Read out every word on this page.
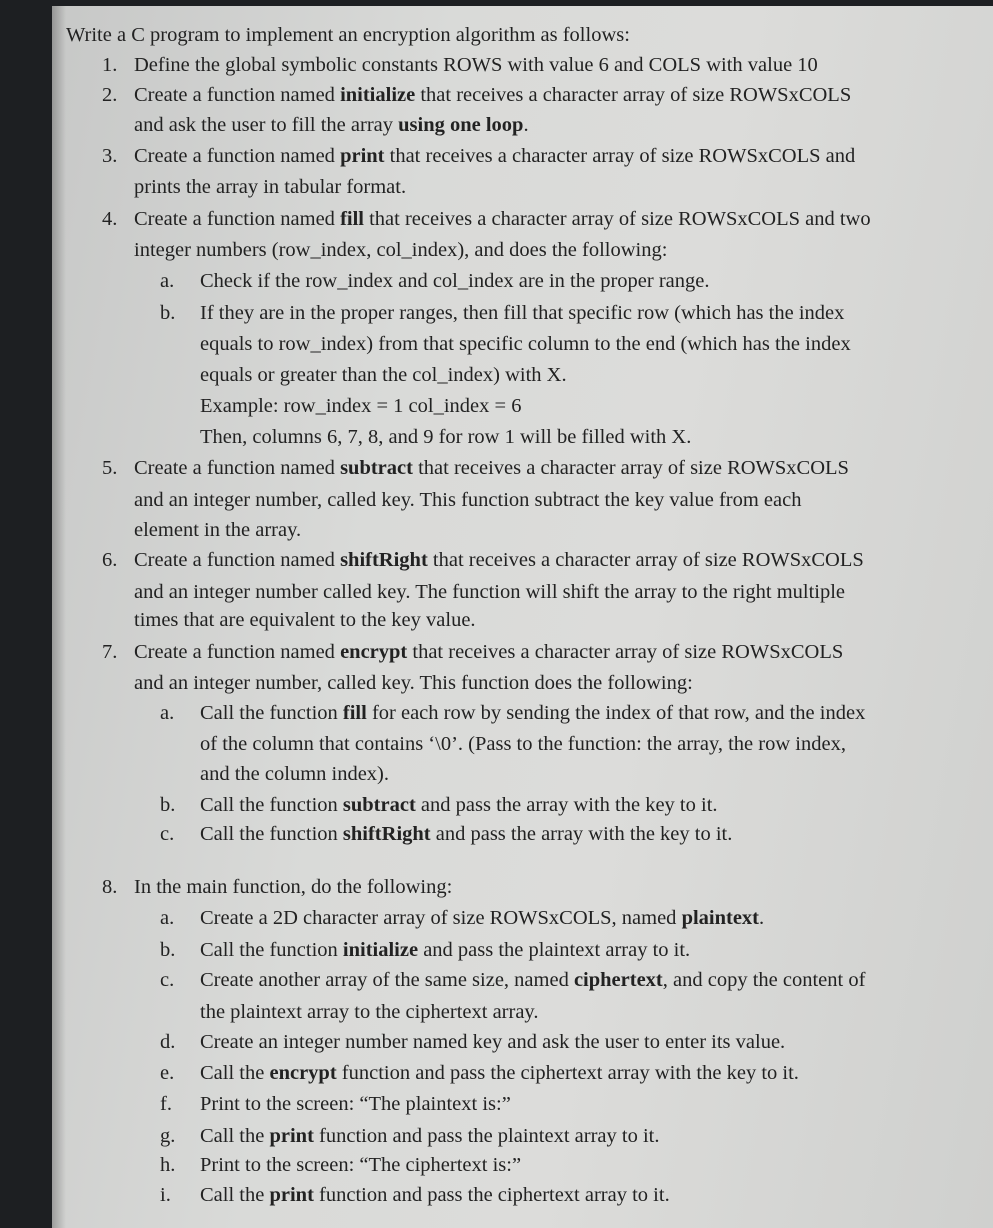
Write a C program to implement an encryption algorithm as follows:
1. Define the global symbolic constants ROWS with value 6 and COLS with value 10
2. Create a function named initialize that receives a character array of size ROWSxCOLS
and ask the user to fill the array using one loop.
3. Create a function named print that receives a character array of size ROWSxCOLS and
prints the array in tabular format.
4. Create a function named fill that receives a character array of size ROWSxCOLS and two
integer numbers (row_index, col_index), and does the following:
a. Check if the row_index and col_index are in the proper range.
b. If they are in the proper ranges, then fill that specific row (which has the index
equals to row_index) from that specific column to the end (which has the index
equals or greater than the col_index) with X.
Example: row_index = 1 col_index = 6
Then, columns 6, 7, 8, and 9 for row 1 will be filled with X.
5. Create a function named subtract that receives a character array of size ROWSxCOLS
and an integer number, called key. This function subtract the key value from each
element in the array.
6. Create a function named shiftRight that receives a character array of size ROWSxCOLS
and an integer number called key. The function will shift the array to the right multiple
times that are equivalent to the key value.
7. Create a function named encrypt that receives a character array of size ROWSxCOLS
and an integer number, called key. This function does the following:
a. Call the function fill for each row by sending the index of that row, and the index
of the column that contains ‘\0’. (Pass to the function: the array, the row index,
and the column index).
b. Call the function subtract and pass the array with the key to it.
c. Call the function shiftRight and pass the array with the key to it.
8. In the main function, do the following:
a. Create a 2D character array of size ROWSxCOLS, named plaintext.
b. Call the function initialize and pass the plaintext array to it.
c. Create another array of the same size, named ciphertext, and copy the content of
the plaintext array to the ciphertext array.
d. Create an integer number named key and ask the user to enter its value.
e. Call the encrypt function and pass the ciphertext array with the key to it.
f. Print to the screen: “The plaintext is:”
g. Call the print function and pass the plaintext array to it.
h. Print to the screen: “The ciphertext is:”
i. Call the print function and pass the ciphertext array to it.
